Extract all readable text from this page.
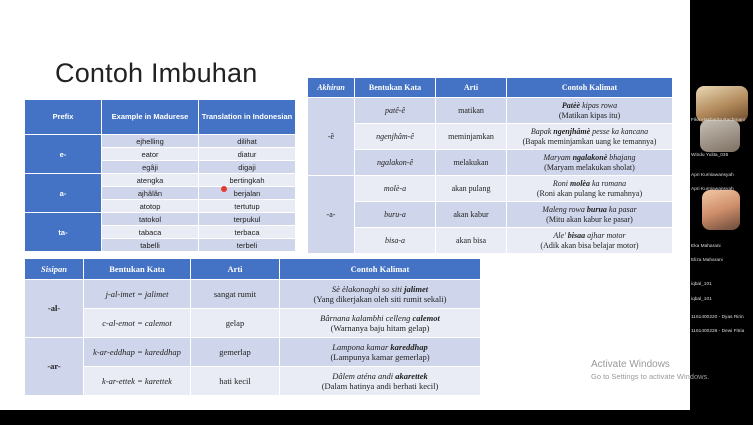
Contoh Imbuhan
Prefix	Example in Madurese	Translation in Indonesian
e-	ejhelling	dilihat
	eator	diatur
	egâji	digaji
a-	atengka	bertingkah
	ajhâlân	berjalan
	atotop	tertutup
ta-	tatokol	terpukul
	tabaca	terbaca
	tabelli	terbeli
Akhiran	Bentukan Kata	Arti	Contoh Kalimat
-ê	patê-ê	matikan	Patèè kipas rowa
(Matikan kipas itu)

	ngenjhâm-ê	meminjamkan	Bapak ngenjhâmè pesse ka kancana
(Bapak meminjamkan uang ke temannya)

	ngalakon-ê	melakukan	Maryam ngalakonè bhajang
(Maryam melakukan sholat)

-a-	molè-a	akan pulang	Roni molèa ka romana
(Roni akan pulang ke rumahnya)

	buru-a	akan kabur	Maleng rowa burua ka pasar
(Mitu akan kabur ke pasar)

	bisa-a	akan bisa	Ale' bisaa ajhar motor
(Adik akan bisa belajar motor)
Sisipan	Bentukan Kata	Arti	Contoh Kalimat
-al-	j-al-imet = jalimet	sangat rumit	Sè èlakonaghi so siti jalimet
(Yang dikerjakan oleh siti rumit sekali)

	c-al-emot = calemot	gelap	Bârnana kalambhi celleng calemot
(Warnanya baju hitam gelap)

-ar-	k-ar-eddhap = kareddhap	gemerlap	Lampona kamar kareddhap
(Lampunya kamar gemerlap)

	k-ar-ettek = karettek	hati kecil	Dâlem aténa andi akarettek
(Dalam hatinya andi berhati kecil)
Fika Hasbarita Rachmani
Windu Yulita_035
Apri Kurniawansyah
Apri Kurniawansyah
Eka Maharani
Eliza Maharani
iqbal_101
iqbal_101
1161400220 - Dyas Ririn
1161400228 - Dewi Fitria
Activate Windows
Go to Settings to activate Windows.
